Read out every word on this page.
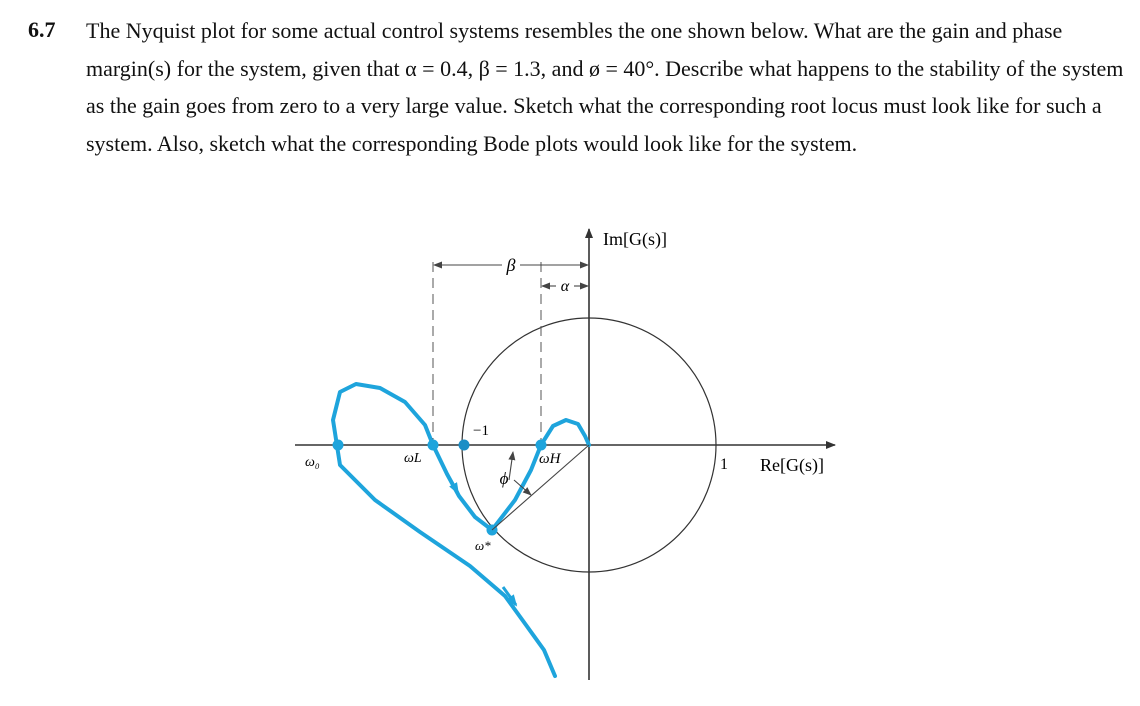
6.7 The Nyquist plot for some actual control systems resembles the one shown below. What are the gain and phase margin(s) for the system, given that α = 0.4, β = 1.3, and ø = 40°. Describe what happens to the stability of the system as the gain goes from zero to a very large value. Sketch what the corresponding root locus must look like for such a system. Also, sketch what the corresponding Bode plots would look like for the system.
β
α
ϕ
Im[G(s)]
Re[G(s)]
−1
1
ω₀	ωL	ωH
ω*
